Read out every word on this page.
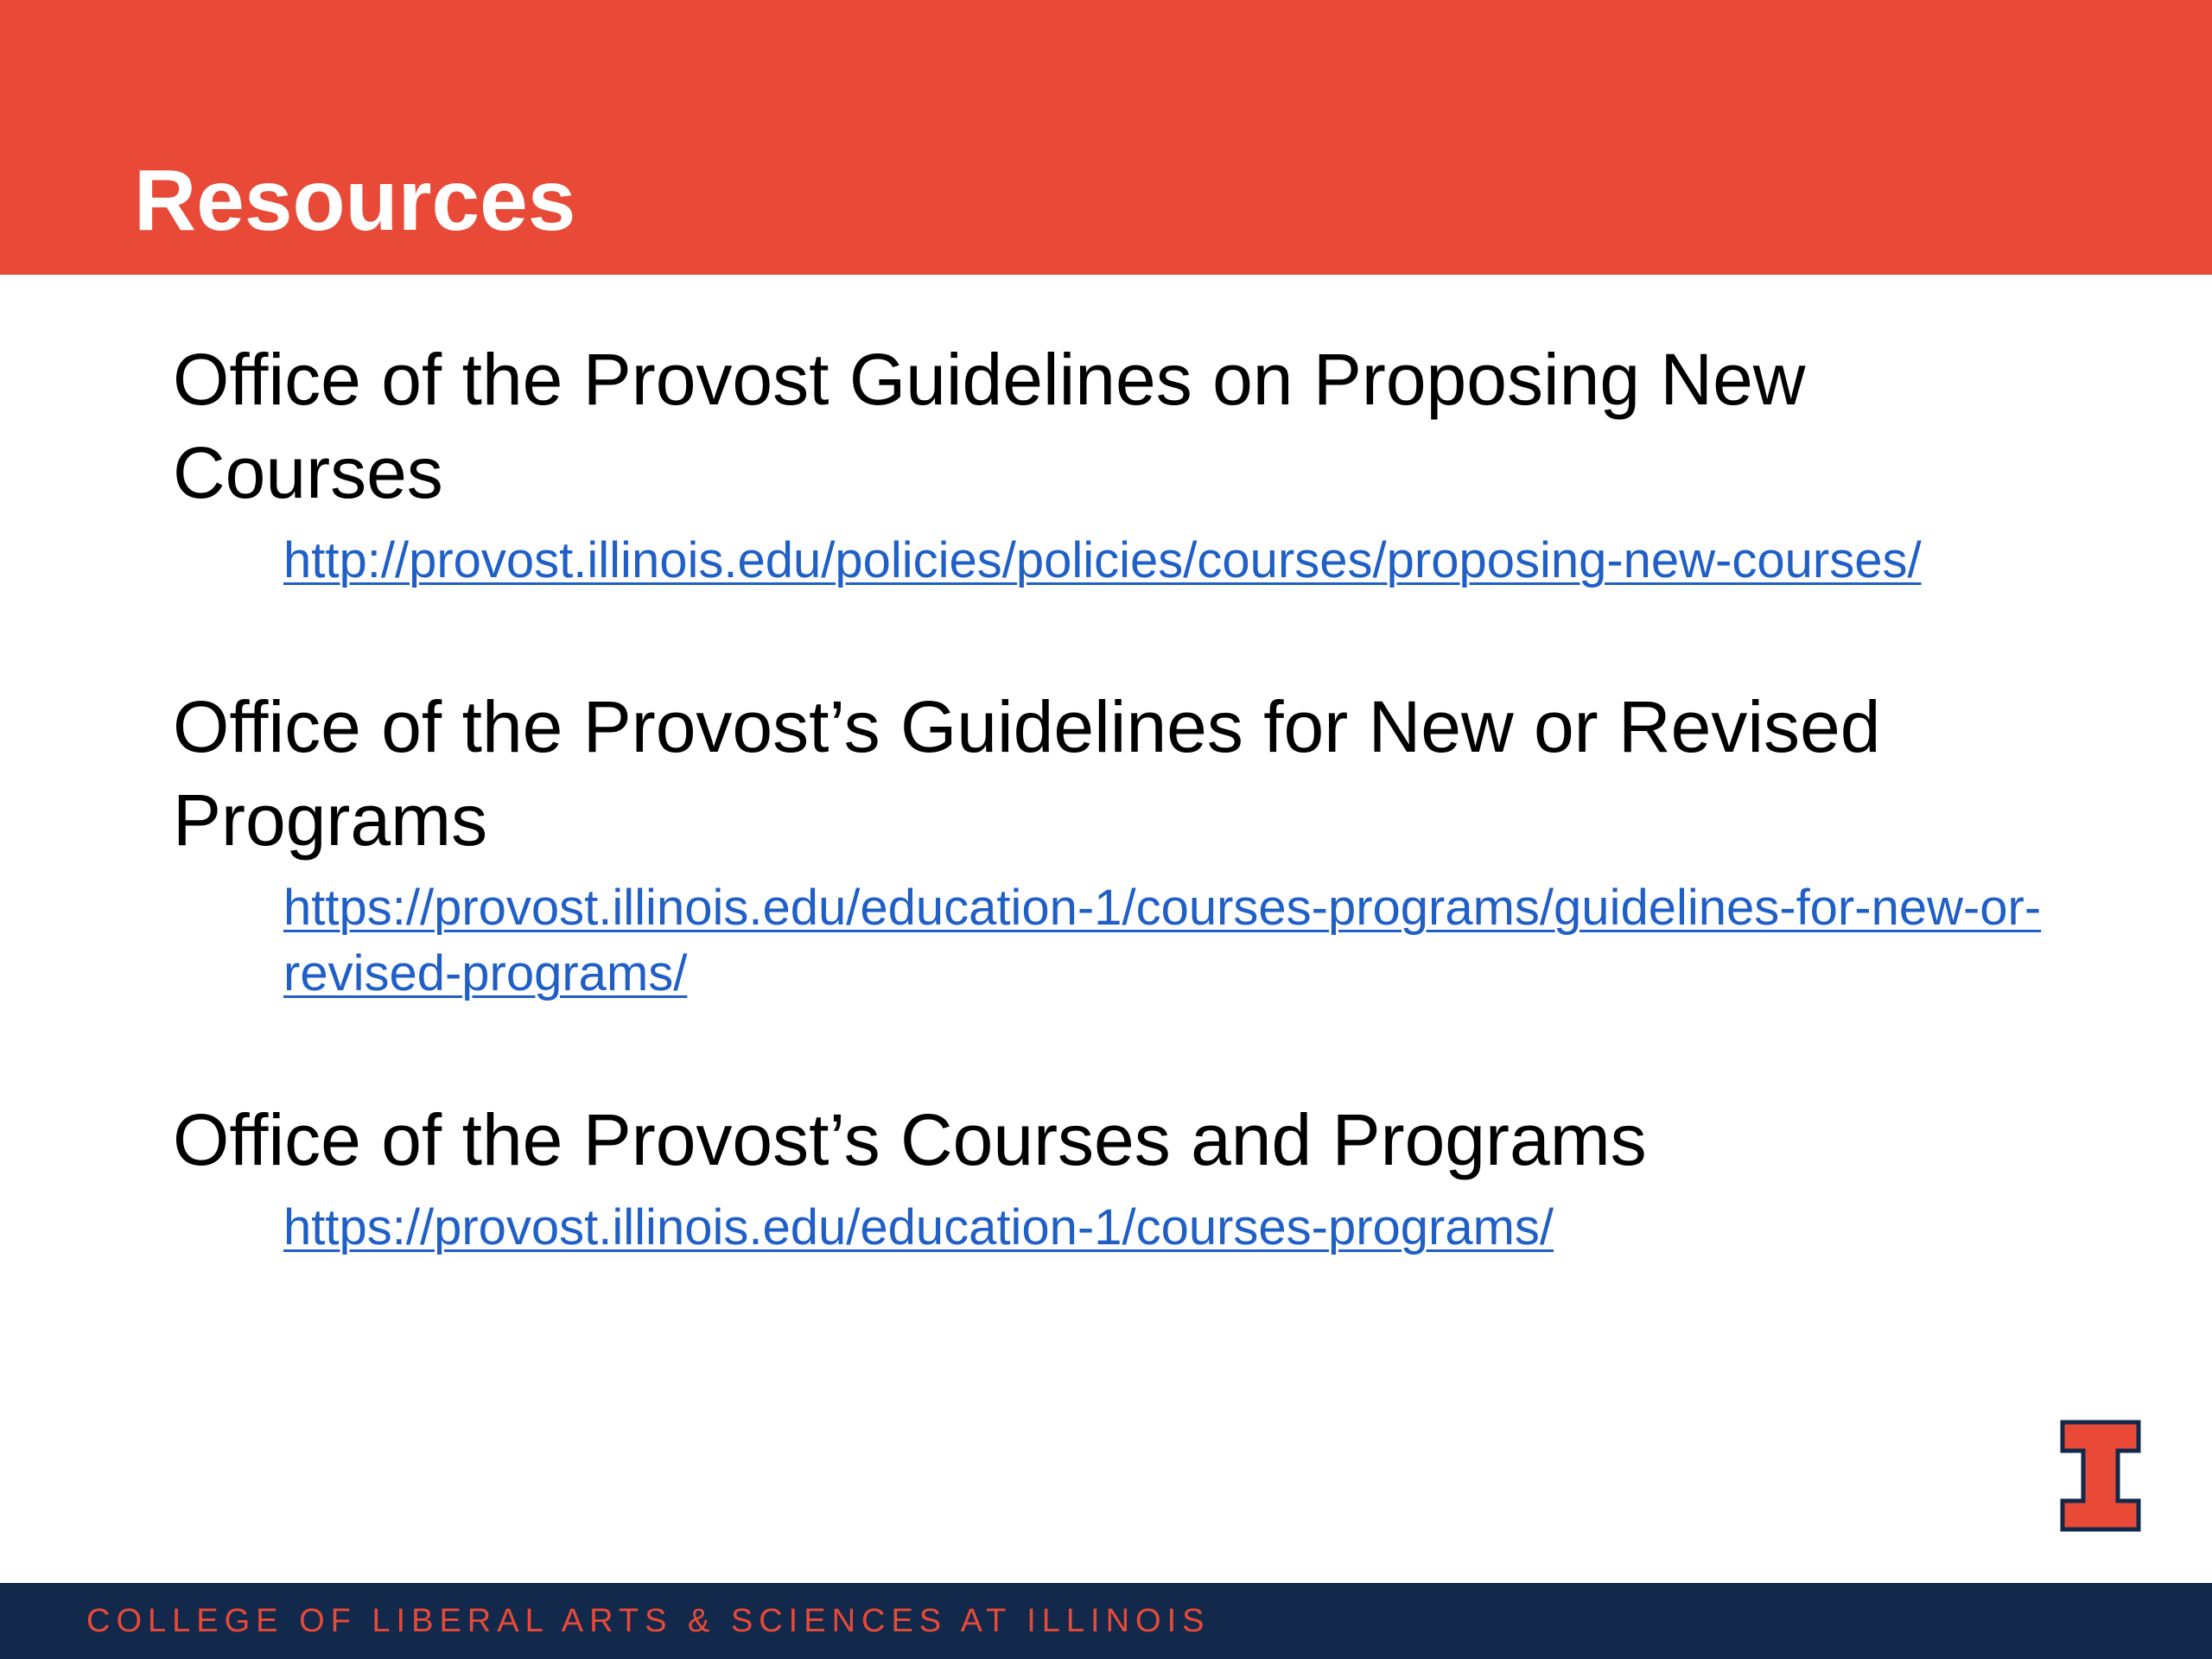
Resources

Office of the Provost Guidelines on Proposing New Courses

http://provost.illinois.edu/policies/policies/courses/proposing-new-courses/

Office of the Provost’s Guidelines for New or Revised Programs

https://provost.illinois.edu/education-1/courses-programs/guidelines-for-new-or-revised-programs/

Office of the Provost’s Courses and Programs

https://provost.illinois.edu/education-1/courses-programs/

COLLEGE OF LIBERAL ARTS & SCIENCES AT ILLINOIS
